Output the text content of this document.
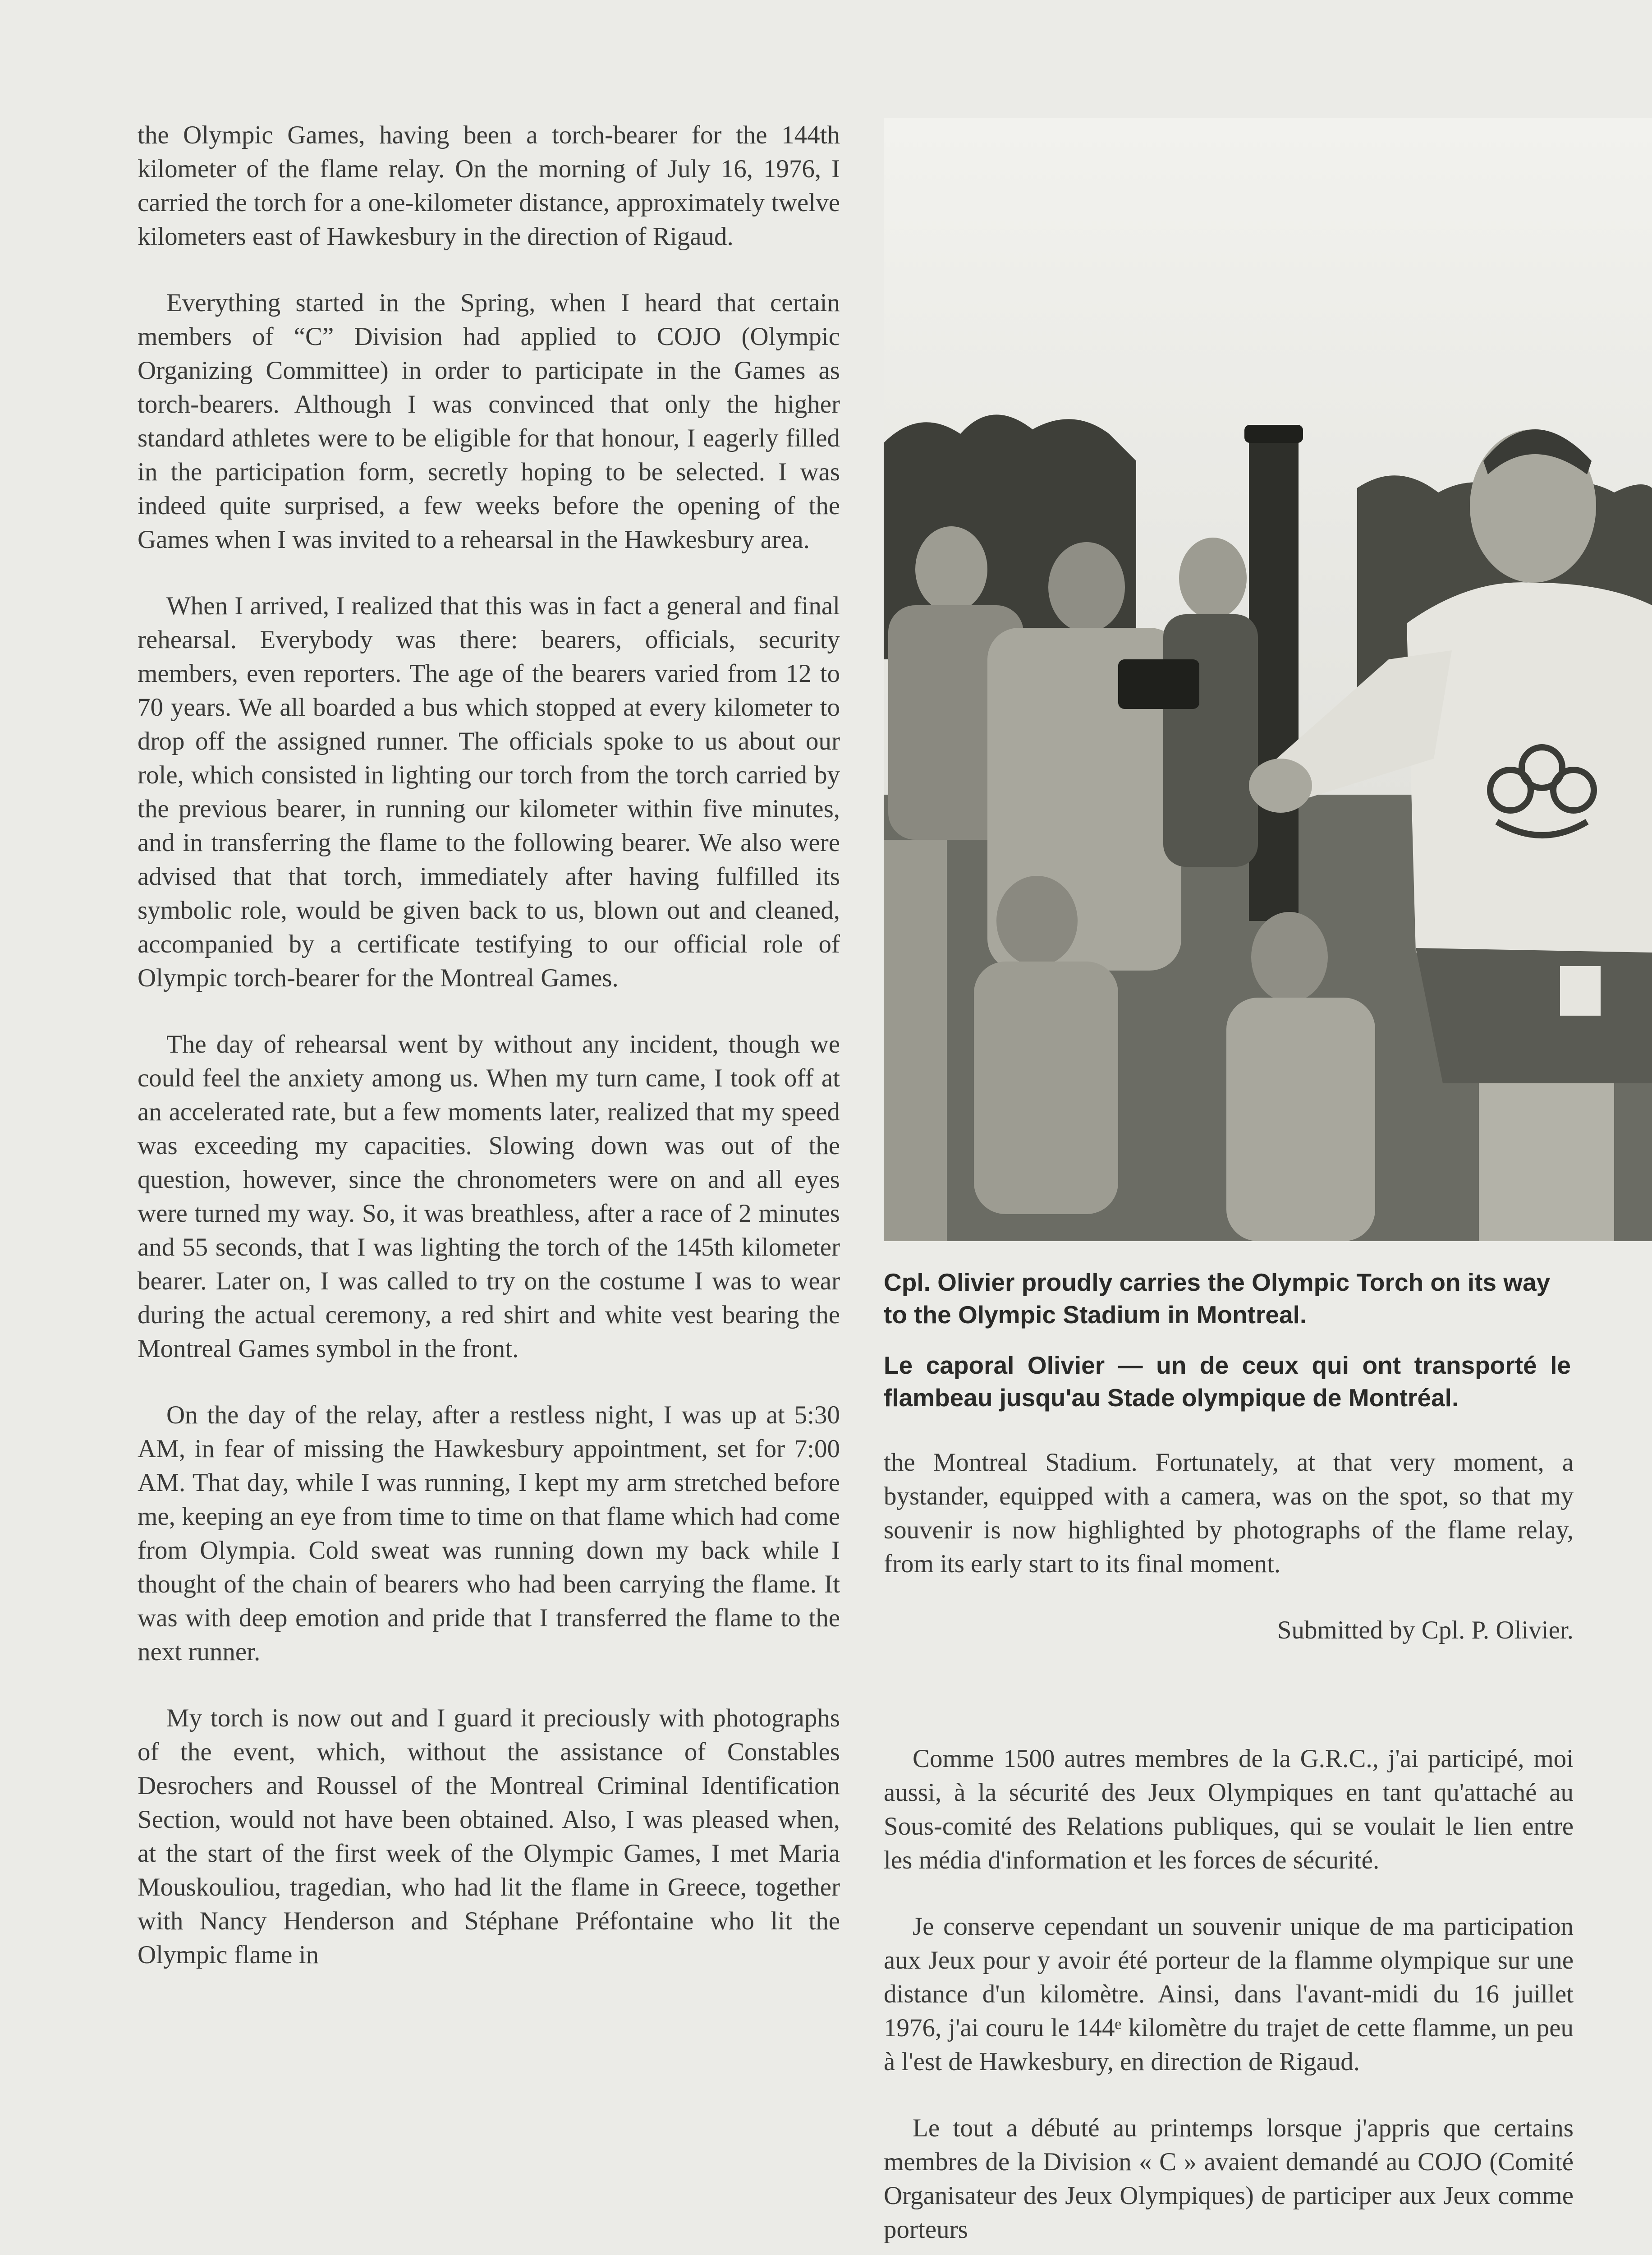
the Olympic Games, having been a torch-bearer for the 144th kilometer of the flame relay. On the morning of July 16, 1976, I carried the torch for a one-kilometer distance, approximately twelve kilometers east of Hawkesbury in the direction of Rigaud.

Everything started in the Spring, when I heard that certain members of “C” Division had applied to COJO (Olympic Organizing Committee) in order to participate in the Games as torch-bearers. Although I was convinced that only the higher standard athletes were to be eligible for that honour, I eagerly filled in the participation form, secretly hoping to be selected. I was indeed quite surprised, a few weeks before the opening of the Games when I was invited to a rehearsal in the Hawkesbury area.

When I arrived, I realized that this was in fact a general and final rehearsal. Everybody was there: bearers, officials, security members, even reporters. The age of the bearers varied from 12 to 70 years. We all boarded a bus which stopped at every kilometer to drop off the assigned runner. The officials spoke to us about our role, which consisted in lighting our torch from the torch carried by the previous bearer, in running our kilometer within five minutes, and in transferring the flame to the following bearer. We also were advised that that torch, immediately after having fulfilled its symbolic role, would be given back to us, blown out and cleaned, accompanied by a certificate testifying to our official role of Olympic torch-bearer for the Montreal Games.

The day of rehearsal went by without any incident, though we could feel the anxiety among us. When my turn came, I took off at an accelerated rate, but a few moments later, realized that my speed was exceeding my capacities. Slowing down was out of the question, however, since the chronometers were on and all eyes were turned my way. So, it was breathless, after a race of 2 minutes and 55 seconds, that I was lighting the torch of the 145th kilometer bearer. Later on, I was called to try on the costume I was to wear during the actual ceremony, a red shirt and white vest bearing the Montreal Games symbol in the front.

On the day of the relay, after a restless night, I was up at 5:30 AM, in fear of missing the Hawkesbury appointment, set for 7:00 AM. That day, while I was running, I kept my arm stretched before me, keeping an eye from time to time on that flame which had come from Olympia. Cold sweat was running down my back while I thought of the chain of bearers who had been carrying the flame. It was with deep emotion and pride that I transferred the flame to the next runner.

My torch is now out and I guard it preciously with photographs of the event, which, without the assistance of Constables Desrochers and Roussel of the Montreal Criminal Identification Section, would not have been obtained. Also, I was pleased when, at the start of the first week of the Olympic Games, I met Maria Mouskouliou, tragedian, who had lit the flame in Greece, together with Nancy Henderson and Stéphane Préfontaine who lit the Olympic flame in

Cpl. Olivier proudly carries the Olympic Torch on its way to the Olympic Stadium in Montreal.

Le caporal Olivier — un de ceux qui ont transporté le flambeau jusqu'au Stade olympique de Montréal.

the Montreal Stadium. Fortunately, at that very moment, a bystander, equipped with a camera, was on the spot, so that my souvenir is now highlighted by photographs of the flame relay, from its early start to its final moment.

Submitted by Cpl. P. Olivier.

Comme 1500 autres membres de la G.R.C., j'ai participé, moi aussi, à la sécurité des Jeux Olympiques en tant qu'attaché au Sous-comité des Relations publiques, qui se voulait le lien entre les média d'information et les forces de sécurité.

Je conserve cependant un souvenir unique de ma participation aux Jeux pour y avoir été porteur de la flamme olympique sur une distance d'un kilomètre. Ainsi, dans l'avant-midi du 16 juillet 1976, j'ai couru le 144ᵉ kilomètre du trajet de cette flamme, un peu à l'est de Hawkesbury, en direction de Rigaud.

Le tout a débuté au printemps lorsque j'appris que certains membres de la Division « C » avaient demandé au COJO (Comité Organisateur des Jeux Olympiques) de participer aux Jeux comme porteurs
